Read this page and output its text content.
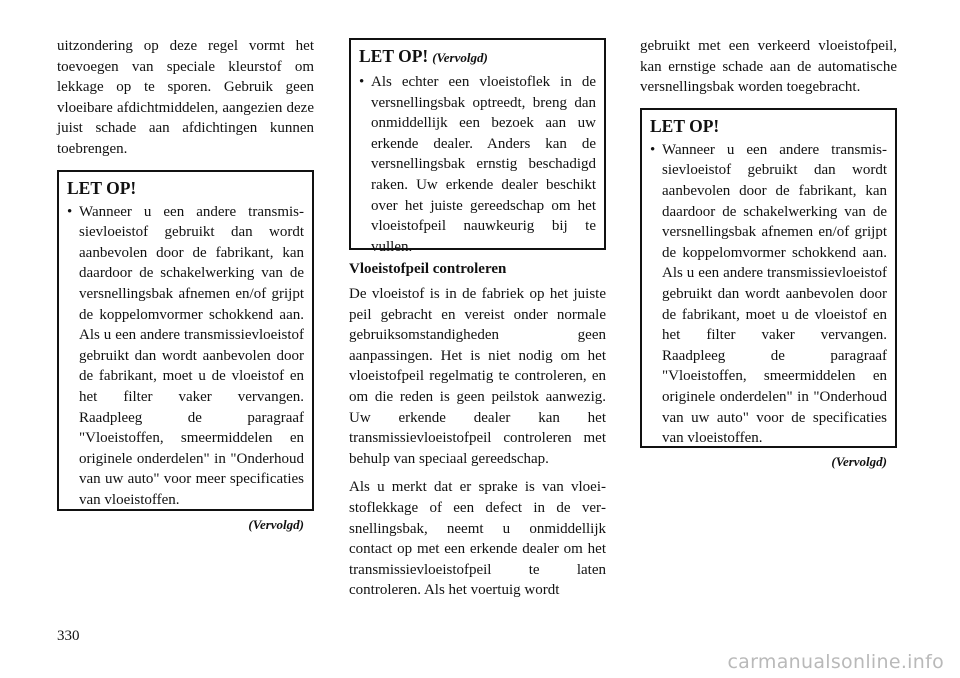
uitzondering op deze regel vormt het toevoegen van speciale kleurstof om lekkage op te sporen. Gebruik geen vloeibare afdichtmiddelen, aangezien deze juist schade aan afdichtingen kunnen toebrengen.

LET OP!
• Wanneer u een andere transmissievloeistof gebruikt dan wordt aanbevolen door de fabrikant, kan daardoor de schakelwerking van de versnellingsbak afnemen en/of grijpt de koppelomvormer schokkend aan. Als u een andere transmissievloeistof gebruikt dan wordt aanbevolen door de fabrikant, moet u de vloeistof en het filter vaker vervangen. Raadpleeg de paragraaf "Vloeistoffen, smeermiddelen en originele onderdelen" in "Onderhoud van uw auto" voor meer specificaties van vloeistoffen.
(Vervolgd)
LET OP! (Vervolgd)
• Als echter een vloeistoflek in de versnellingsbak optreedt, breng dan onmiddellijk een bezoek aan uw erkende dealer. Anders kan de versnellingsbak ernstig beschadigd raken. Uw erkende dealer beschikt over het juiste gereedschap om het vloeistofpeil nauwkeurig bij te vullen.
Vloeistofpeil controleren

De vloeistof is in de fabriek op het juiste peil gebracht en vereist onder normale gebruiksomstandigheden geen aanpassingen. Het is niet nodig om het vloeistofpeil regelmatig te controleren, en om die reden is geen peilstok aanwezig. Uw erkende dealer kan het transmissievloeistofpeil controleren met behulp van speciaal gereedschap.

Als u merkt dat er sprake is van vloeistoflekkage of een defect in de versnellingsbak, neemt u onmiddellijk contact op met een erkende dealer om het transmissievloeistofpeil te laten controleren. Als het voertuig wordt

gebruikt met een verkeerd vloeistofpeil, kan ernstige schade aan de automatische versnellingsbak worden toegebracht.

LET OP!
• Wanneer u een andere transmissievloeistof gebruikt dan wordt aanbevolen door de fabrikant, kan daardoor de schakelwerking van de versnellingsbak afnemen en/of grijpt de koppelomvormer schokkend aan. Als u een andere transmissievloeistof gebruikt dan wordt aanbevolen door de fabrikant, moet u de vloeistof en het filter vaker vervangen. Raadpleeg de paragraaf "Vloeistoffen, smeermiddelen en originele onderdelen" in "Onderhoud van uw auto" voor de specificaties van vloeistoffen.
(Vervolgd)
330
carmanualsonline.info
